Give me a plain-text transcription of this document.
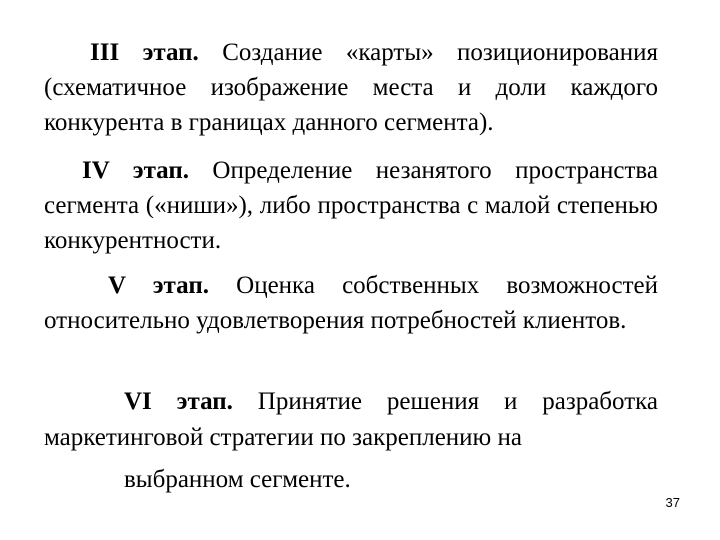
III этап. Создание «карты» позиционирования (схематичное изображение места и доли каждого конкурента в границах данного сегмента).

IV этап. Определение незанятого пространства сегмента («ниши»), либо пространства с малой степенью конкурентности.

V этап. Оценка собственных возможностей относительно удовлетворения потребностей клиентов.

VI этап. Принятие решения и разработка маркетинговой стратегии по закреплению на
выбранном сегменте.

37
